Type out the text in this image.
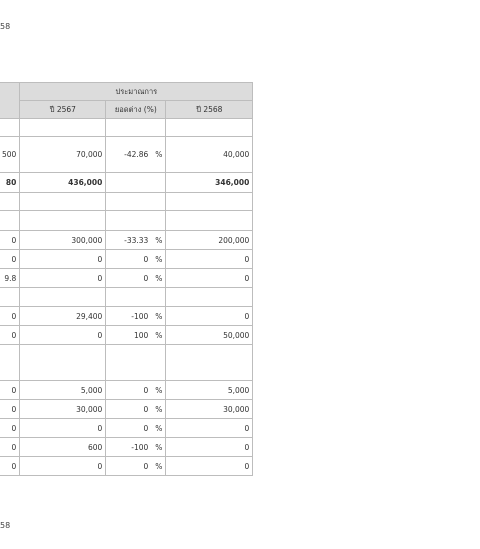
58
	ประมาณการ		
	ปี 2567	ยอดต่าง (%)	ปี 2568

500	70,000	-42.86 %	40,000
80	436,000		346,000

0	300,000	-33.33 %	200,000
0	0	0 %	0
9.8	0	0 %	0

0	29,400	-100 %	0
0	0	100 %	50,000

0	5,000	0 %	5,000
0	30,000	0 %	30,000
0	0	0 %	0
0	600	-100 %	0
0	0	0 %	0
58
